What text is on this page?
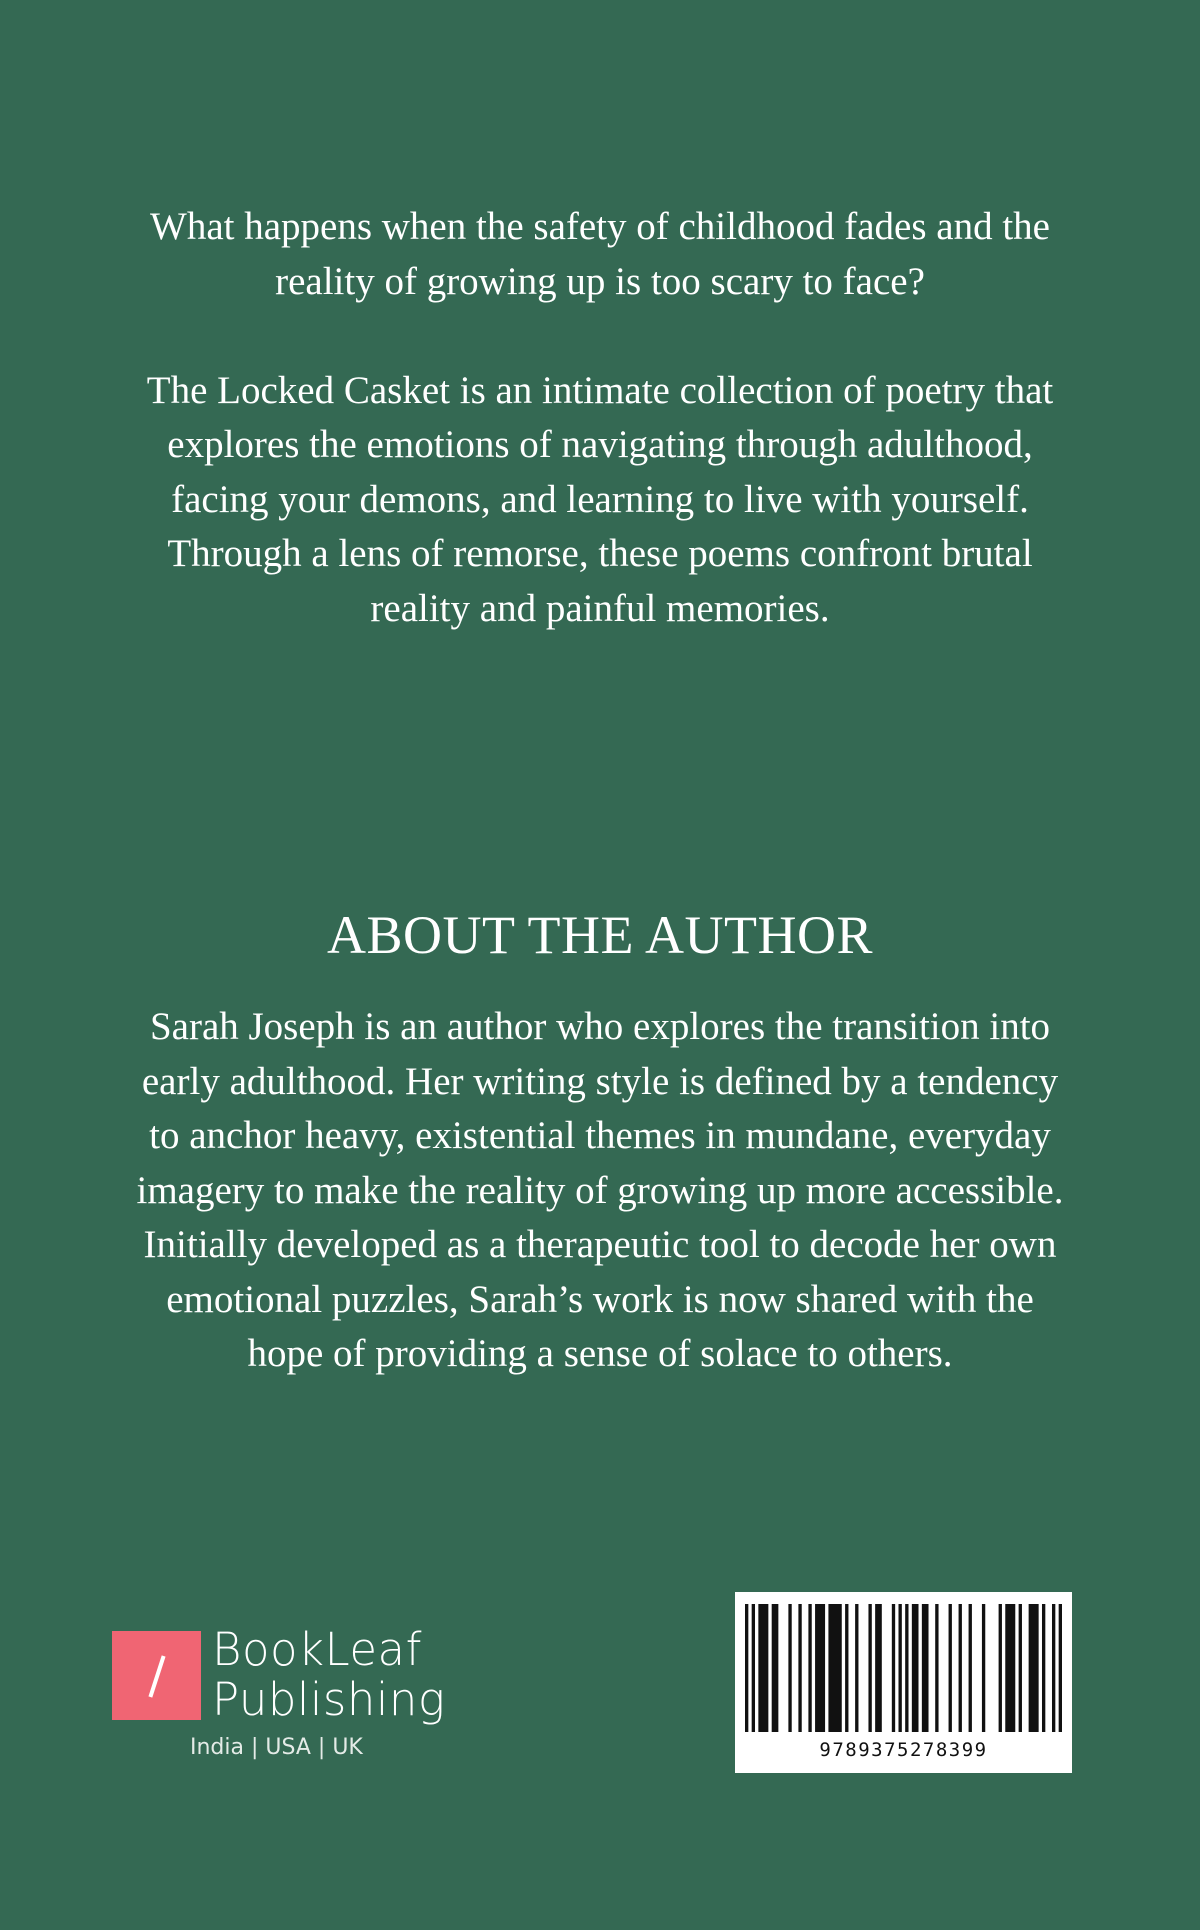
What happens when the safety of childhood fades and the reality of growing up is too scary to face?

The Locked Casket is an intimate collection of poetry that explores the emotions of navigating through adulthood, facing your demons, and learning to live with yourself. Through a lens of remorse, these poems confront brutal reality and painful memories.

ABOUT THE AUTHOR

Sarah Joseph is an author who explores the transition into early adulthood. Her writing style is defined by a tendency to anchor heavy, existential themes in mundane, everyday imagery to make the reality of growing up more accessible. Initially developed as a therapeutic tool to decode her own emotional puzzles, Sarah’s work is now shared with the hope of providing a sense of solace to others.

BookLeaf
Publishing
India | USA | UK	9789375278399
